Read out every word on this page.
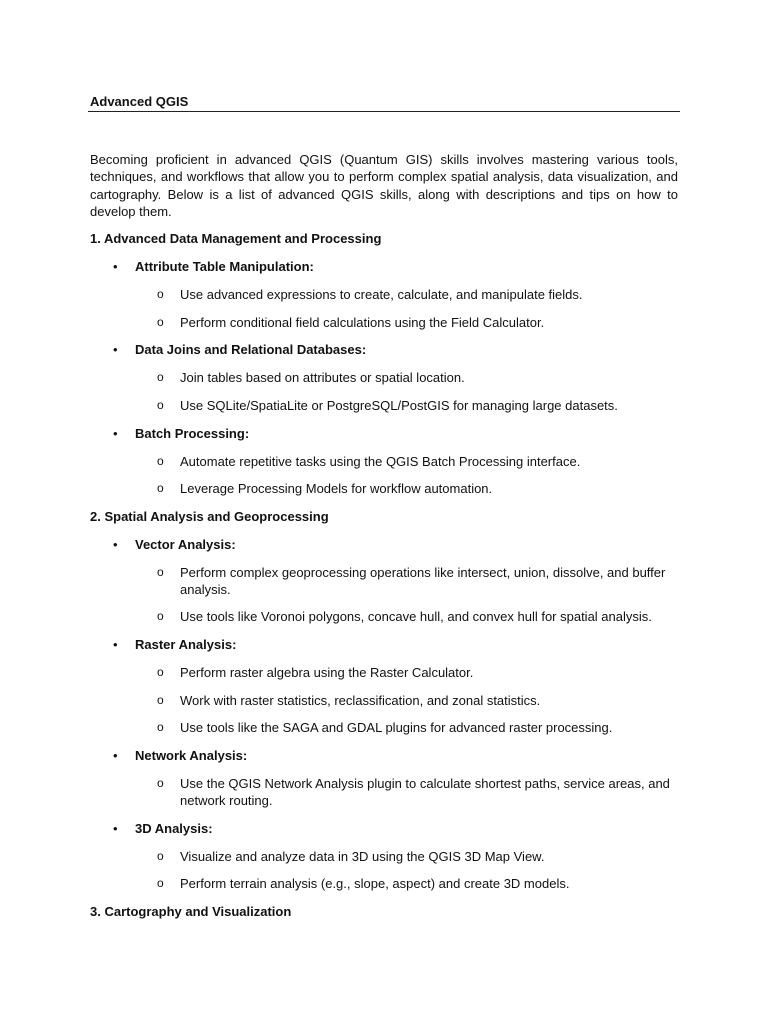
Advanced QGIS
Becoming proficient in advanced QGIS (Quantum GIS) skills involves mastering various tools, techniques, and workflows that allow you to perform complex spatial analysis, data visualization, and cartography. Below is a list of advanced QGIS skills, along with descriptions and tips on how to develop them.
1. Advanced Data Management and Processing
• Attribute Table Manipulation:
o Use advanced expressions to create, calculate, and manipulate fields.
o Perform conditional field calculations using the Field Calculator.
• Data Joins and Relational Databases:
o Join tables based on attributes or spatial location.
o Use SQLite/SpatiaLite or PostgreSQL/PostGIS for managing large datasets.
• Batch Processing:
o Automate repetitive tasks using the QGIS Batch Processing interface.
o Leverage Processing Models for workflow automation.
2. Spatial Analysis and Geoprocessing
• Vector Analysis:
o Perform complex geoprocessing operations like intersect, union, dissolve, and buffer analysis.
o Use tools like Voronoi polygons, concave hull, and convex hull for spatial analysis.
• Raster Analysis:
o Perform raster algebra using the Raster Calculator.
o Work with raster statistics, reclassification, and zonal statistics.
o Use tools like the SAGA and GDAL plugins for advanced raster processing.
• Network Analysis:
o Use the QGIS Network Analysis plugin to calculate shortest paths, service areas, and network routing.
• 3D Analysis:
o Visualize and analyze data in 3D using the QGIS 3D Map View.
o Perform terrain analysis (e.g., slope, aspect) and create 3D models.
3. Cartography and Visualization
